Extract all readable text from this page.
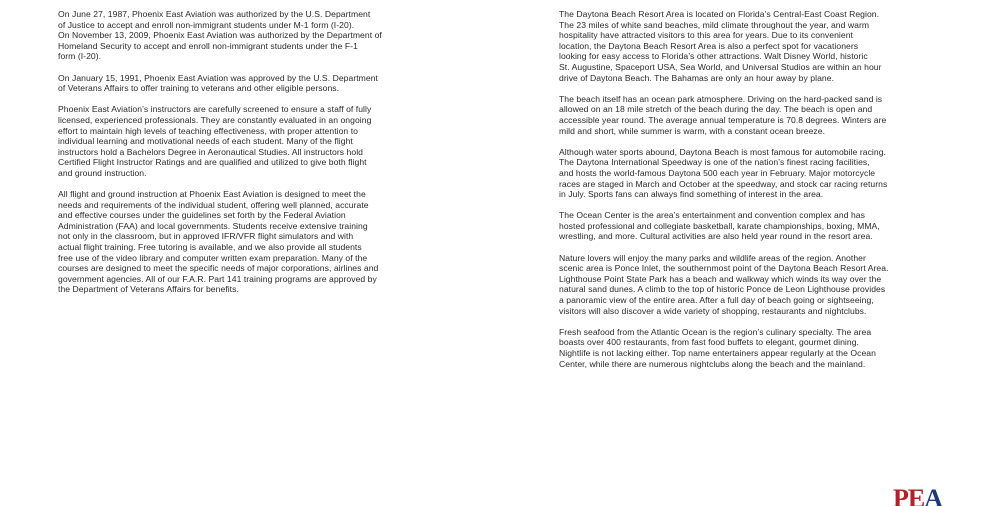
On June 27, 1987, Phoenix East Aviation was authorized by the U.S. Department
of Justice to accept and enroll non-immigrant students under M-1 form (I-20).
On November 13, 2009, Phoenix East Aviation was authorized by the Department of
Homeland Security to accept and enroll non-immigrant students under the F-1
form (I-20).

On January 15, 1991, Phoenix East Aviation was approved by the U.S. Department
of Veterans Affairs to offer training to veterans and other eligible persons.

Phoenix East Aviation’s instructors are carefully screened to ensure a staff of fully
licensed, experienced professionals. They are constantly evaluated in an ongoing
effort to maintain high levels of teaching effectiveness, with proper attention to
individual learning and motivational needs of each student. Many of the flight
instructors hold a Bachelors Degree in Aeronautical Studies. All instructors hold
Certified Flight Instructor Ratings and are qualified and utilized to give both flight
and ground instruction.

All flight and ground instruction at Phoenix East Aviation is designed to meet the
needs and requirements of the individual student, offering well planned, accurate
and effective courses under the guidelines set forth by the Federal Aviation
Administration (FAA) and local governments. Students receive extensive training
not only in the classroom, but in approved IFR/VFR flight simulators and with
actual flight training. Free tutoring is available, and we also provide all students
free use of the video library and computer written exam preparation. Many of the
courses are designed to meet the specific needs of major corporations, airlines and
government agencies. All of our F.A.R. Part 141 training programs are approved by
the Department of Veterans Affairs for benefits.

The Daytona Beach Resort Area is located on Florida’s Central-East Coast Region.
The 23 miles of white sand beaches, mild climate throughout the year, and warm
hospitality have attracted visitors to this area for years. Due to its convenient
location, the Daytona Beach Resort Area is also a perfect spot for vacationers
looking for easy access to Florida’s other attractions. Walt Disney World, historic
St. Augustine, Spaceport USA, Sea World, and Universal Studios are within an hour
drive of Daytona Beach. The Bahamas are only an hour away by plane.

The beach itself has an ocean park atmosphere. Driving on the hard-packed sand is
allowed on an 18 mile stretch of the beach during the day. The beach is open and
accessible year round. The average annual temperature is 70.8 degrees. Winters are
mild and short, while summer is warm, with a constant ocean breeze.

Although water sports abound, Daytona Beach is most famous for automobile racing.
The Daytona International Speedway is one of the nation’s finest racing facilities,
and hosts the world-famous Daytona 500 each year in February. Major motorcycle
races are staged in March and October at the speedway, and stock car racing returns
in July. Sports fans can always find something of interest in the area.

The Ocean Center is the area’s entertainment and convention complex and has
hosted professional and collegiate basketball, karate championships, boxing, MMA,
wrestling, and more. Cultural activities are also held year round in the resort area.

Nature lovers will enjoy the many parks and wildlife areas of the region. Another
scenic area is Ponce Inlet, the southernmost point of the Daytona Beach Resort Area.
Lighthouse Point State Park has a beach and walkway which winds its way over the
natural sand dunes. A climb to the top of historic Ponce de Leon Lighthouse provides
a panoramic view of the entire area. After a full day of beach going or sightseeing,
visitors will also discover a wide variety of shopping, restaurants and nightclubs.

Fresh seafood from the Atlantic Ocean is the region’s culinary specialty. The area
boasts over 400 restaurants, from fast food buffets to elegant, gourmet dining.
Nightlife is not lacking either. Top name entertainers appear regularly at the Ocean
Center, while there are numerous nightclubs along the beach and the mainland.

PEA
